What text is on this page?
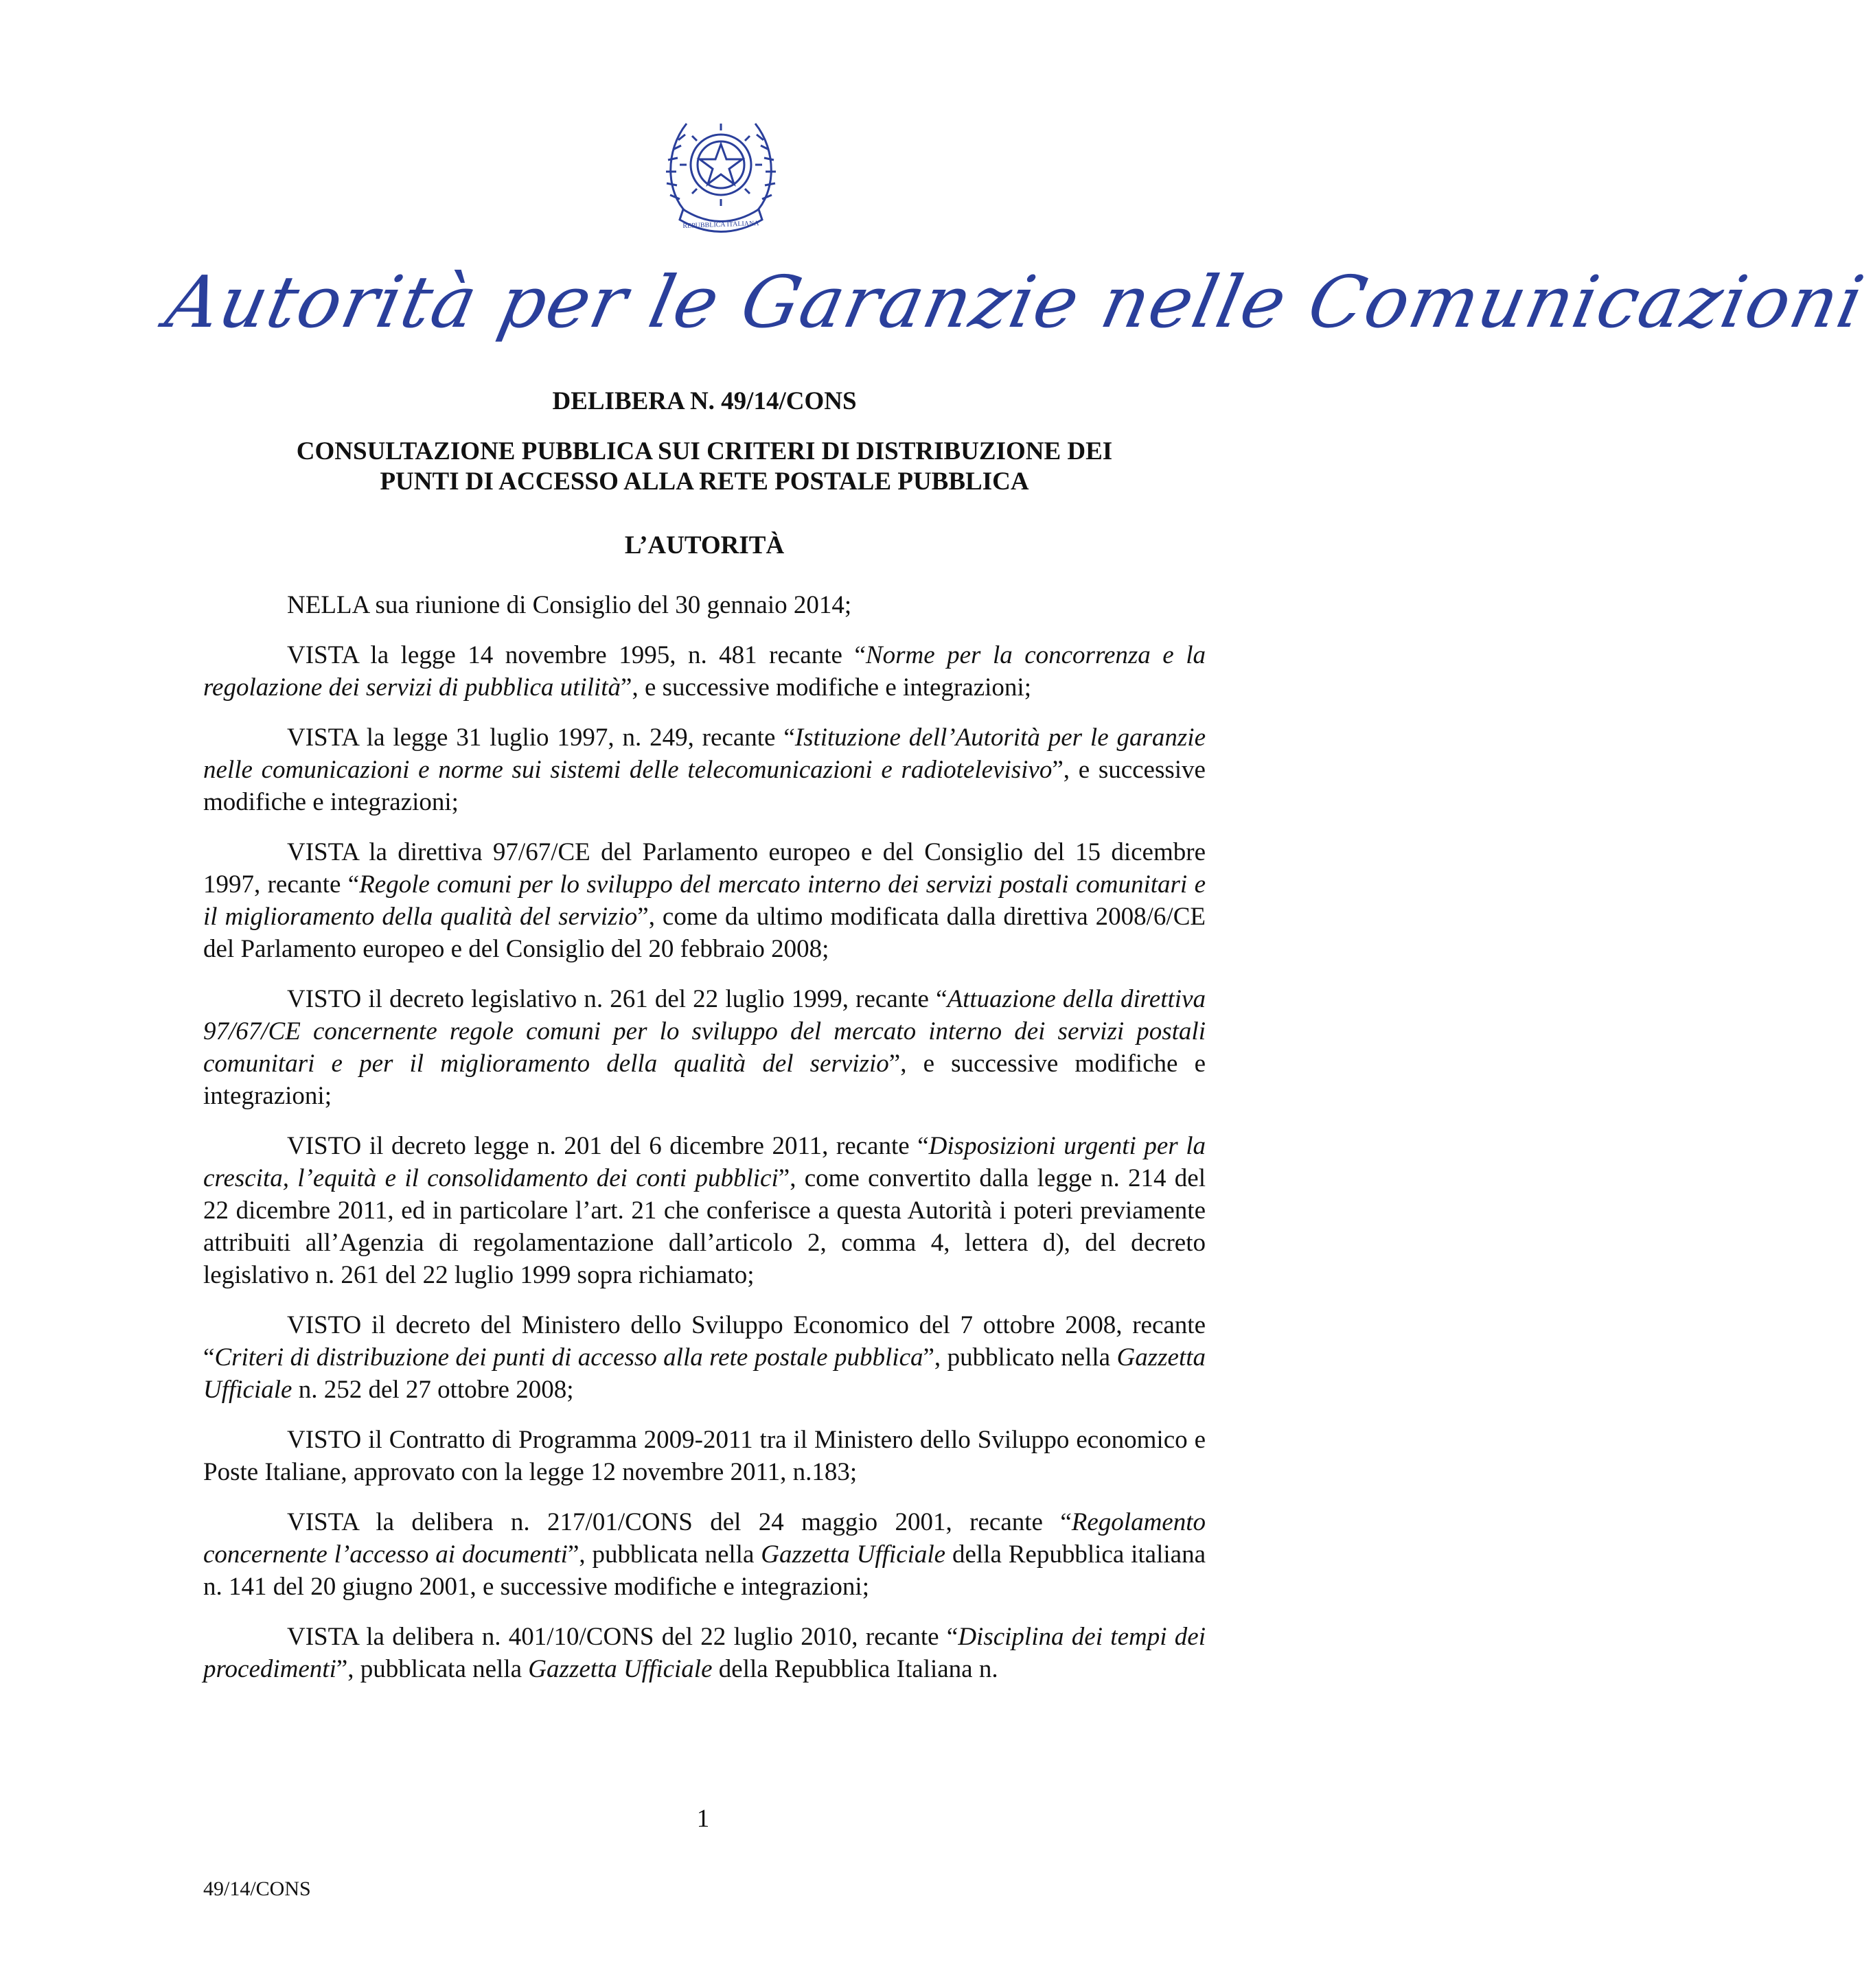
REPUBBLICA ITALIANA
Autorità per le Garanzie nelle Comunicazioni
DELIBERA N. 49/14/CONS
CONSULTAZIONE PUBBLICA SUI CRITERI DI DISTRIBUZIONE DEI
PUNTI DI ACCESSO ALLA RETE POSTALE PUBBLICA
L’AUTORITÀ

NELLA sua riunione di Consiglio del 30 gennaio 2014;

VISTA la legge 14 novembre 1995, n. 481 recante “Norme per la concorrenza e la regolazione dei servizi di pubblica utilità”, e successive modifiche e integrazioni;

VISTA la legge 31 luglio 1997, n. 249, recante “Istituzione dell’Autorità per le garanzie nelle comunicazioni e norme sui sistemi delle telecomunicazioni e radiotelevisivo”, e successive modifiche e integrazioni;

VISTA la direttiva 97/67/CE del Parlamento europeo e del Consiglio del 15 dicembre 1997, recante “Regole comuni per lo sviluppo del mercato interno dei servizi postali comunitari e il miglioramento della qualità del servizio”, come da ultimo modificata dalla direttiva 2008/6/CE del Parlamento europeo e del Consiglio del 20 febbraio 2008;

VISTO il decreto legislativo n. 261 del 22 luglio 1999, recante “Attuazione della direttiva 97/67/CE concernente regole comuni per lo sviluppo del mercato interno dei servizi postali comunitari e per il miglioramento della qualità del servizio”, e successive modifiche e integrazioni;

VISTO il decreto legge n. 201 del 6 dicembre 2011, recante “Disposizioni urgenti per la crescita, l’equità e il consolidamento dei conti pubblici”, come convertito dalla legge n. 214 del 22 dicembre 2011, ed in particolare l’art. 21 che conferisce a questa Autorità i poteri previamente attribuiti all’Agenzia di regolamentazione dall’articolo 2, comma 4, lettera d), del decreto legislativo n. 261 del 22 luglio 1999 sopra richiamato;

VISTO il decreto del Ministero dello Sviluppo Economico del 7 ottobre 2008, recante “Criteri di distribuzione dei punti di accesso alla rete postale pubblica”, pubblicato nella Gazzetta Ufficiale n. 252 del 27 ottobre 2008;

VISTO il Contratto di Programma 2009-2011 tra il Ministero dello Sviluppo economico e Poste Italiane, approvato con la legge 12 novembre 2011, n.183;

VISTA la delibera n. 217/01/CONS del 24 maggio 2001, recante “Regolamento concernente l’accesso ai documenti”, pubblicata nella Gazzetta Ufficiale della Repubblica italiana n. 141 del 20 giugno 2001, e successive modifiche e integrazioni;

VISTA la delibera n. 401/10/CONS del 22 luglio 2010, recante “Disciplina dei tempi dei procedimenti”, pubblicata nella Gazzetta Ufficiale della Repubblica Italiana n.

1
49/14/CONS
